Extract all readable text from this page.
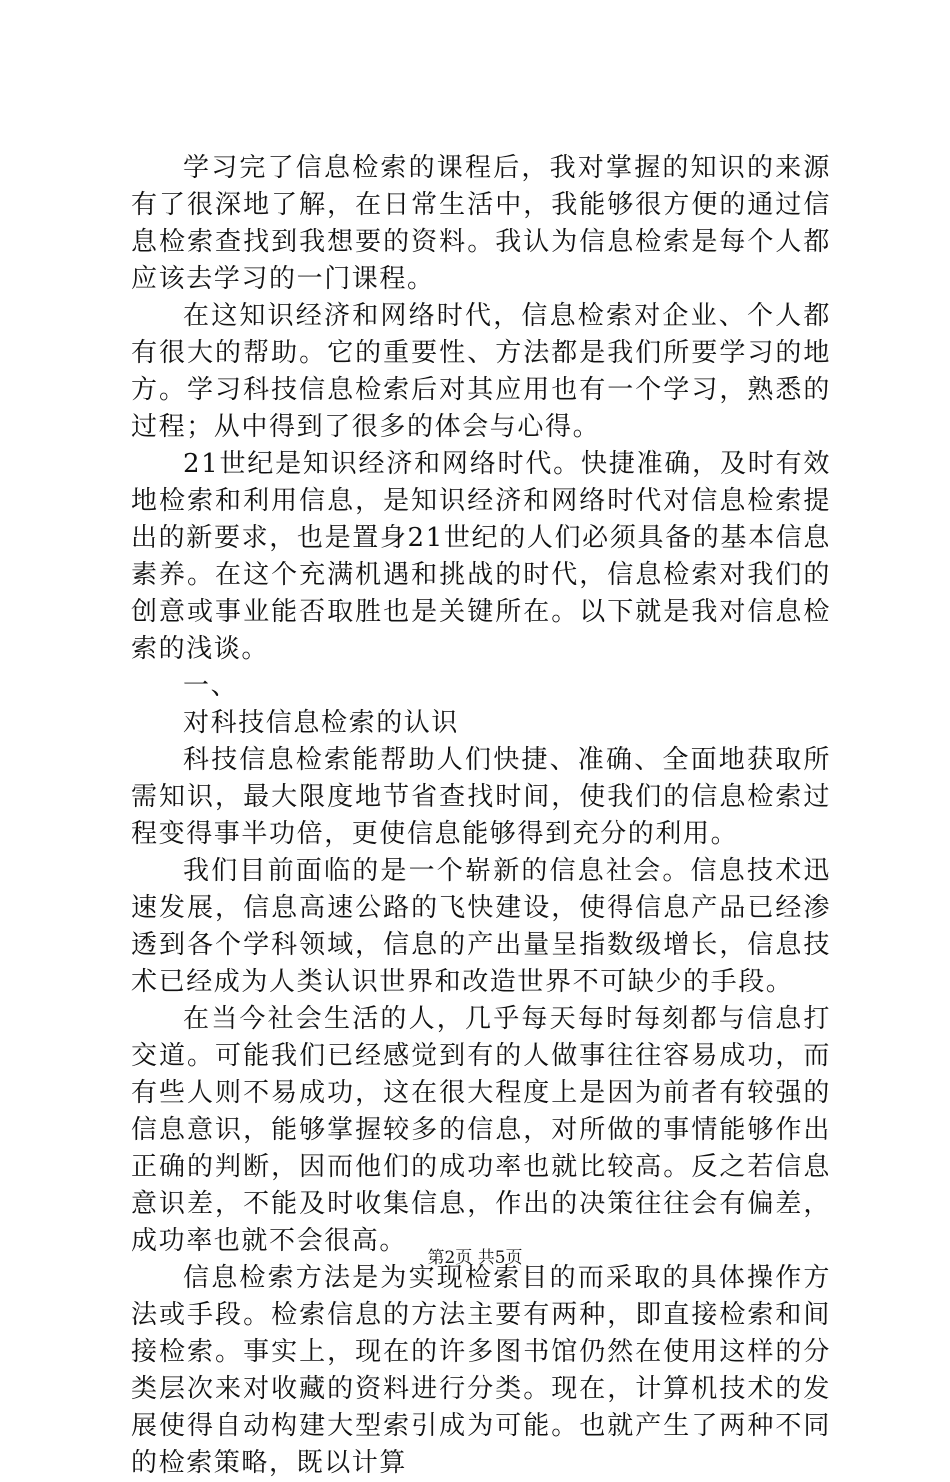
学习完了信息检索的课程后，我对掌握的知识的来源有了很深地了解，在日常生活中，我能够很方便的通过信息检索查找到我想要的资料。我认为信息检索是每个人都应该去学习的一门课程。

在这知识经济和网络时代，信息检索对企业、个人都有很大的帮助。它的重要性、方法都是我们所要学习的地方。学习科技信息检索后对其应用也有一个学习，熟悉的过程；从中得到了很多的体会与心得。

21世纪是知识经济和网络时代。快捷准确，及时有效地检索和利用信息，是知识经济和网络时代对信息检索提出的新要求，也是置身21世纪的人们必须具备的基本信息素养。在这个充满机遇和挑战的时代，信息检索对我们的创意或事业能否取胜也是关键所在。以下就是我对信息检索的浅谈。

一、

对科技信息检索的认识

科技信息检索能帮助人们快捷、准确、全面地获取所需知识，最大限度地节省查找时间，使我们的信息检索过程变得事半功倍，更使信息能够得到充分的利用。

我们目前面临的是一个崭新的信息社会。信息技术迅速发展，信息高速公路的飞快建设，使得信息产品已经渗透到各个学科领域，信息的产出量呈指数级增长，信息技术已经成为人类认识世界和改造世界不可缺少的手段。

在当今社会生活的人，几乎每天每时每刻都与信息打交道。可能我们已经感觉到有的人做事往往容易成功，而有些人则不易成功，这在很大程度上是因为前者有较强的信息意识，能够掌握较多的信息，对所做的事情能够作出正确的判断，因而他们的成功率也就比较高。反之若信息意识差，不能及时收集信息，作出的决策往往会有偏差，成功率也就不会很高。

信息检索方法是为实现检索目的而采取的具体操作方法或手段。检索信息的方法主要有两种，即直接检索和间接检索。事实上，现在的许多图书馆仍然在使用这样的分类层次来对收藏的资料进行分类。现在，计算机技术的发展使得自动构建大型索引成为可能。也就产生了两种不同的检索策略，既以计算

第2页 共5页
